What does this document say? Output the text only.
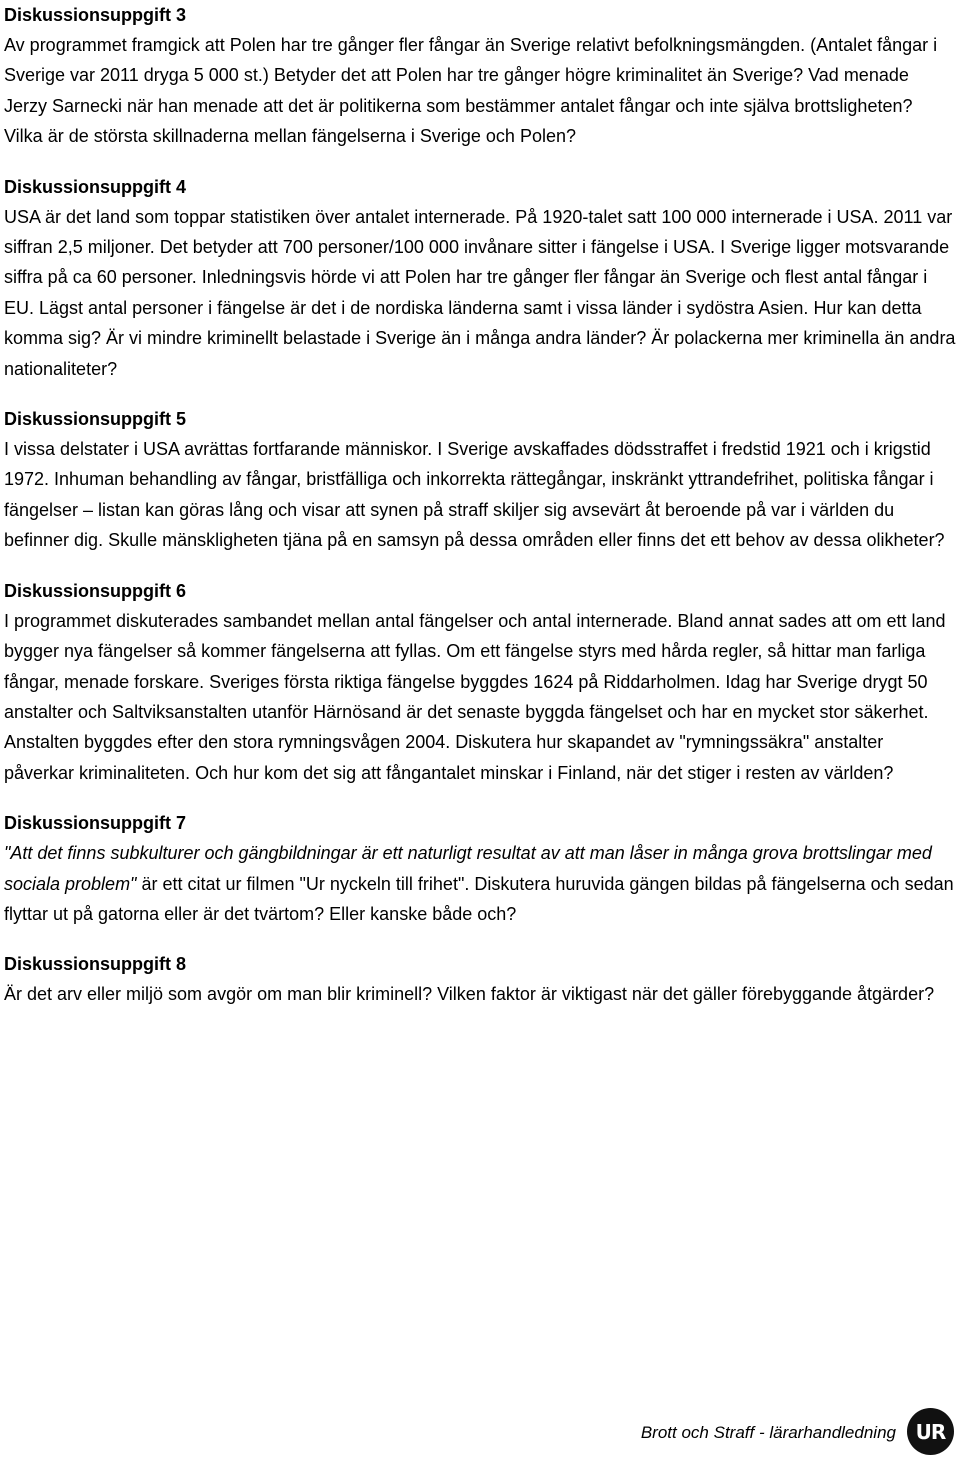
Diskussionsuppgift 3

Av programmet framgick att Polen har tre gånger fler fångar än Sverige relativt befolkningsmängden. (Antalet fångar i Sverige var 2011 dryga 5 000 st.) Betyder det att Polen har tre gånger högre kriminalitet än Sverige? Vad menade Jerzy Sarnecki när han menade att det är politikerna som bestämmer antalet fångar och inte själva brottsligheten? Vilka är de största skillnaderna mellan fängelserna i Sverige och Polen?

Diskussionsuppgift 4

USA är det land som toppar statistiken över antalet internerade. På 1920-talet satt 100 000 internerade i USA. 2011 var siffran 2,5 miljoner. Det betyder att 700 personer/100 000 invånare sitter i fängelse i USA. I Sverige ligger motsvarande siffra på ca 60 personer. Inledningsvis hörde vi att Polen har tre gånger fler fångar än Sverige och flest antal fångar i EU. Lägst antal personer i fängelse är det i de nordiska länderna samt i vissa länder i sydöstra Asien. Hur kan detta komma sig? Är vi mindre kriminellt belastade i Sverige än i många andra länder? Är polackerna mer kriminella än andra nationaliteter?

Diskussionsuppgift 5

I vissa delstater i USA avrättas fortfarande människor. I Sverige avskaffades dödsstraffet i fredstid 1921 och i krigstid 1972. Inhuman behandling av fångar, bristfälliga och inkorrekta rättegångar, inskränkt yttrandefrihet, politiska fångar i fängelser – listan kan göras lång och visar att synen på straff skiljer sig avsevärt åt beroende på var i världen du befinner dig. Skulle mänskligheten tjäna på en samsyn på dessa områden eller finns det ett behov av dessa olikheter?

Diskussionsuppgift 6

I programmet diskuterades sambandet mellan antal fängelser och antal internerade. Bland annat sades att om ett land bygger nya fängelser så kommer fängelserna att fyllas. Om ett fängelse styrs med hårda regler, så hittar man farliga fångar, menade forskare. Sveriges första riktiga fängelse byggdes 1624 på Riddarholmen. Idag har Sverige drygt 50 anstalter och Saltviksanstalten utanför Härnösand är det senaste byggda fängelset och har en mycket stor säkerhet. Anstalten byggdes efter den stora rymningsvågen 2004. Diskutera hur skapandet av "rymningssäkra" anstalter påverkar kriminaliteten. Och hur kom det sig att fångantalet minskar i Finland, när det stiger i resten av världen?

Diskussionsuppgift 7

"Att det finns subkulturer och gängbildningar är ett naturligt resultat av att man låser in många grova brottslingar med sociala problem" är ett citat ur filmen "Ur nyckeln till frihet". Diskutera huruvida gängen bildas på fängelserna och sedan flyttar ut på gatorna eller är det tvärtom? Eller kanske både och?

Diskussionsuppgift 8

Är det arv eller miljö som avgör om man blir kriminell? Vilken faktor är viktigast när det gäller förebyggande åtgärder?

Brott och Straff - lärarhandledning UR
